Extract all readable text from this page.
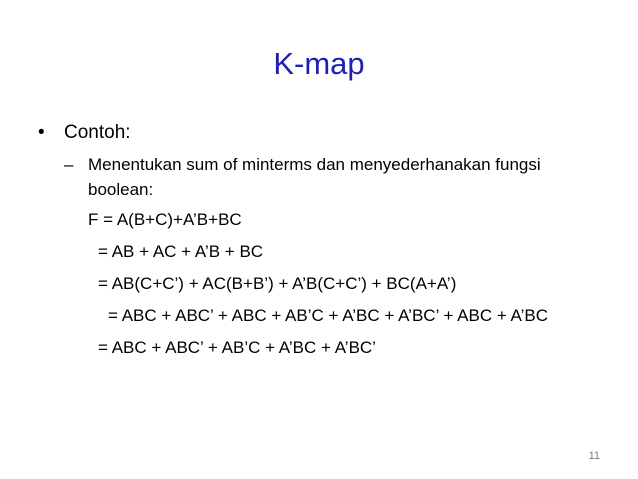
K-map
• Contoh:
– Menentukan sum of minterms dan menyederhanakan fungsi boolean:
F = A(B+C)+A’B+BC
= AB + AC + A’B + BC
= AB(C+C’) + AC(B+B’) + A’B(C+C’) + BC(A+A’)
= ABC + ABC’ + ABC + AB’C + A’BC + A’BC’ + ABC + A’BC
= ABC + ABC’ + AB’C + A’BC + A’BC’
11
